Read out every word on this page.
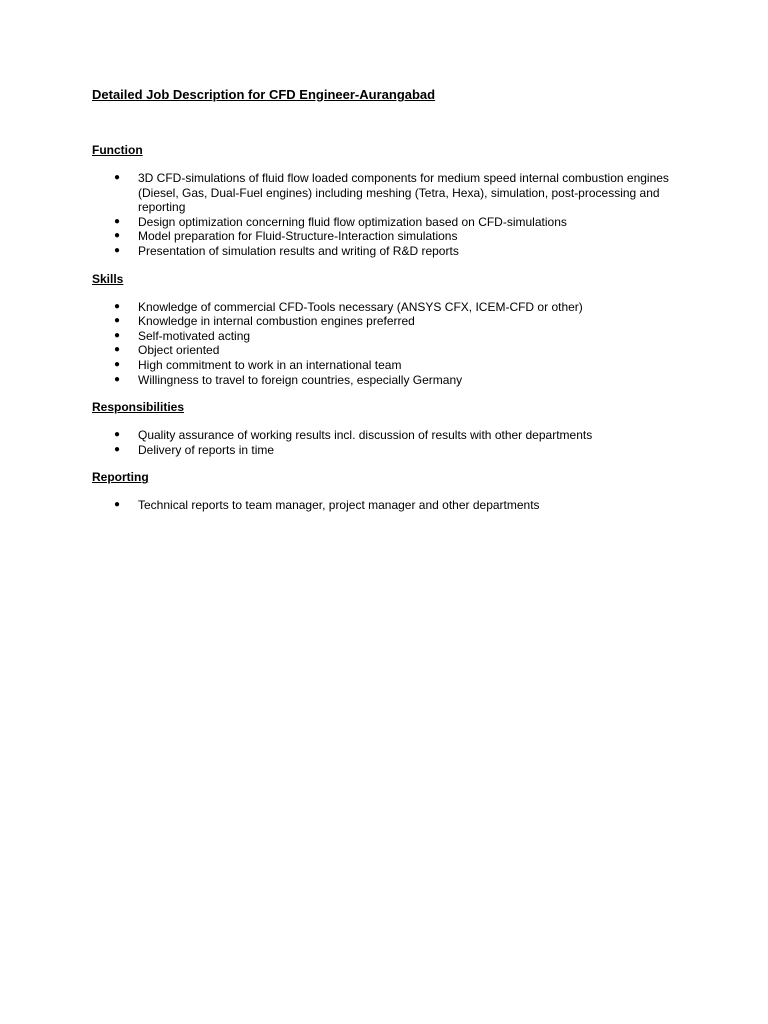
Detailed Job Description for CFD Engineer-Aurangabad

Function

● 3D CFD-simulations of fluid flow loaded components for medium speed internal combustion engines (Diesel, Gas, Dual-Fuel engines) including meshing (Tetra, Hexa), simulation, post-processing and reporting
● Design optimization concerning fluid flow optimization based on CFD-simulations
● Model preparation for Fluid-Structure-Interaction simulations
● Presentation of simulation results and writing of R&D reports

Skills

● Knowledge of commercial CFD-Tools necessary (ANSYS CFX, ICEM-CFD or other)
● Knowledge in internal combustion engines preferred
● Self-motivated acting
● Object oriented
● High commitment to work in an international team
● Willingness to travel to foreign countries, especially Germany

Responsibilities

● Quality assurance of working results incl. discussion of results with other departments
● Delivery of reports in time

Reporting

● Technical reports to team manager, project manager and other departments
